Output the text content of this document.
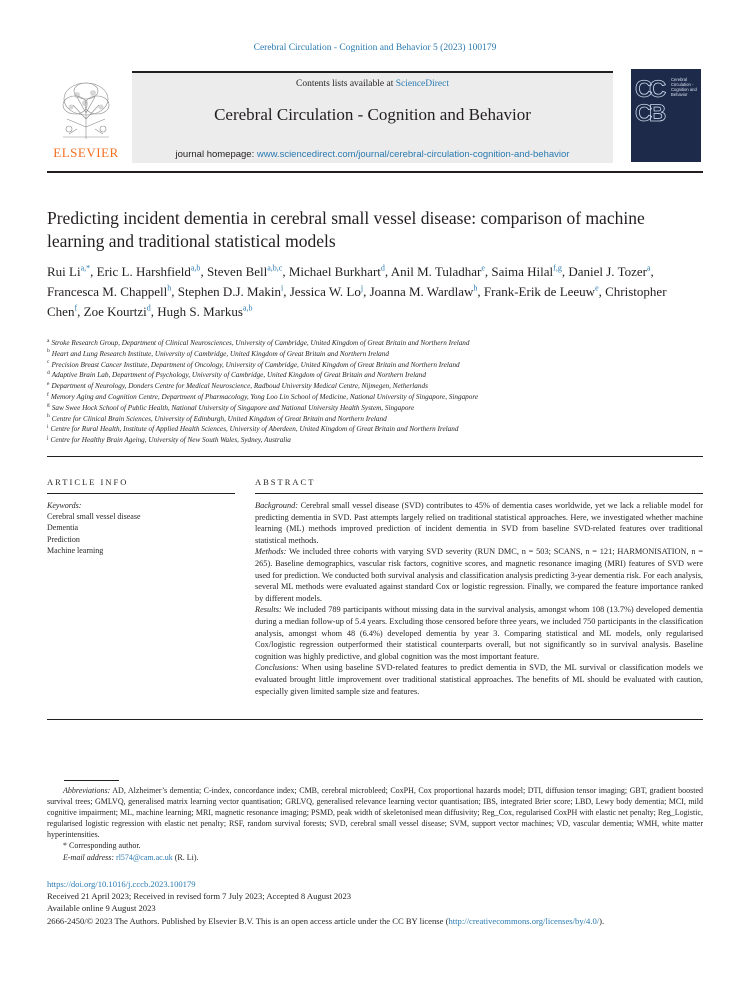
Cerebral Circulation - Cognition and Behavior 5 (2023) 100179
ELSEVIER
Contents lists available at ScienceDirect
Cerebral Circulation - Cognition and Behavior
journal homepage: www.sciencedirect.com/journal/cerebral-circulation-cognition-and-behavior
C
C
C
B
Cerebral
Circulation -
Cognition and
Behavior
Predicting incident dementia in cerebral small vessel disease: comparison of machine learning and traditional statistical models
Rui Li$^{a,*}$, Eric L. Harshfield$^{a,b}$, Steven Bell$^{a,b,c}$, Michael Burkhart$^d$, Anil M. Tuladhar$^e$, Saima Hilal$^{f,g}$, Daniel J. Tozer$^a$, Francesca M. Chappell$^h$, Stephen D.J. Makin$^i$, Jessica W. Lo$^j$, Joanna M. Wardlaw$^h$, Frank-Erik de Leeuw$^e$, Christopher Chen$^f$, Zoe Kourtzi$^d$, Hugh S. Markus$^{a,b}$
$^a$ Stroke Research Group, Department of Clinical Neurosciences, University of Cambridge, United Kingdom of Great Britain and Northern Ireland
$^b$ Heart and Lung Research Institute, University of Cambridge, United Kingdom of Great Britain and Northern Ireland
$^c$ Precision Breast Cancer Institute, Department of Oncology, University of Cambridge, United Kingdom of Great Britain and Northern Ireland
$^d$ Adaptive Brain Lab, Department of Psychology, University of Cambridge, United Kingdom of Great Britain and Northern Ireland
$^e$ Department of Neurology, Donders Centre for Medical Neuroscience, Radboud University Medical Centre, Nijmegen, Netherlands
$^f$ Memory Aging and Cognition Centre, Department of Pharmacology, Yong Loo Lin School of Medicine, National University of Singapore, Singapore
$^g$ Saw Swee Hock School of Public Health, National University of Singapore and National University Health System, Singapore
$^h$ Centre for Clinical Brain Sciences, University of Edinburgh, United Kingdom of Great Britain and Northern Ireland
$^i$ Centre for Rural Health, Institute of Applied Health Sciences, University of Aberdeen, United Kingdom of Great Britain and Northern Ireland
$^j$ Centre for Healthy Brain Ageing, University of New South Wales, Sydney, Australia
ARTICLE INFO	ABSTRACT
Keywords:
Cerebral small vessel disease
Dementia
Prediction
Machine learning
Background: Cerebral small vessel disease (SVD) contributes to 45% of dementia cases worldwide, yet we lack a reliable model for predicting dementia in SVD. Past attempts largely relied on traditional statistical approaches. Here, we investigated whether machine learning (ML) methods improved prediction of incident dementia in SVD from baseline SVD-related features over traditional statistical methods.
Methods: We included three cohorts with varying SVD severity (RUN DMC, n = 503; SCANS, n = 121; HARMONISATION, n = 265). Baseline demographics, vascular risk factors, cognitive scores, and magnetic resonance imaging (MRI) features of SVD were used for prediction. We conducted both survival analysis and classification analysis predicting 3-year dementia risk. For each analysis, several ML methods were evaluated against standard Cox or logistic regression. Finally, we compared the feature importance ranked by different models.
Results: We included 789 participants without missing data in the survival analysis, amongst whom 108 (13.7%) developed dementia during a median follow-up of 5.4 years. Excluding those censored before three years, we included 750 participants in the classification analysis, amongst whom 48 (6.4%) developed dementia by year 3. Comparing statistical and ML models, only regularised Cox/logistic regression outperformed their statistical counterparts overall, but not significantly so in survival analysis. Baseline cognition was highly predictive, and global cognition was the most important feature.
Conclusions: When using baseline SVD-related features to predict dementia in SVD, the ML survival or classification models we evaluated brought little improvement over traditional statistical approaches. The benefits of ML should be evaluated with caution, especially given limited sample size and features.

Abbreviations: AD, Alzheimer’s dementia; C-index, concordance index; CMB, cerebral microbleed; CoxPH, Cox proportional hazards model; DTI, diffusion tensor imaging; GBT, gradient boosted survival trees; GMLVQ, generalised matrix learning vector quantisation; GRLVQ, generalised relevance learning vector quantisation; IBS, integrated Brier score; LBD, Lewy body dementia; MCI, mild cognitive impairment; ML, machine learning; MRI, magnetic resonance imaging; PSMD, peak width of skeletonised mean diffusivity; Reg_Cox, regularised CoxPH with elastic net penalty; Reg_Logistic, regularised logistic regression with elastic net penalty; RSF, random survival forests; SVD, cerebral small vessel disease; SVM, support vector machines; VD, vascular dementia; WMH, white matter hyperintensities.

* Corresponding author.

E-mail address: rl574@cam.ac.uk (R. Li).

https://doi.org/10.1016/j.cccb.2023.100179
Received 21 April 2023; Received in revised form 7 July 2023; Accepted 8 August 2023
Available online 9 August 2023
2666-2450/© 2023 The Authors. Published by Elsevier B.V. This is an open access article under the CC BY license (http://creativecommons.org/licenses/by/4.0/).
